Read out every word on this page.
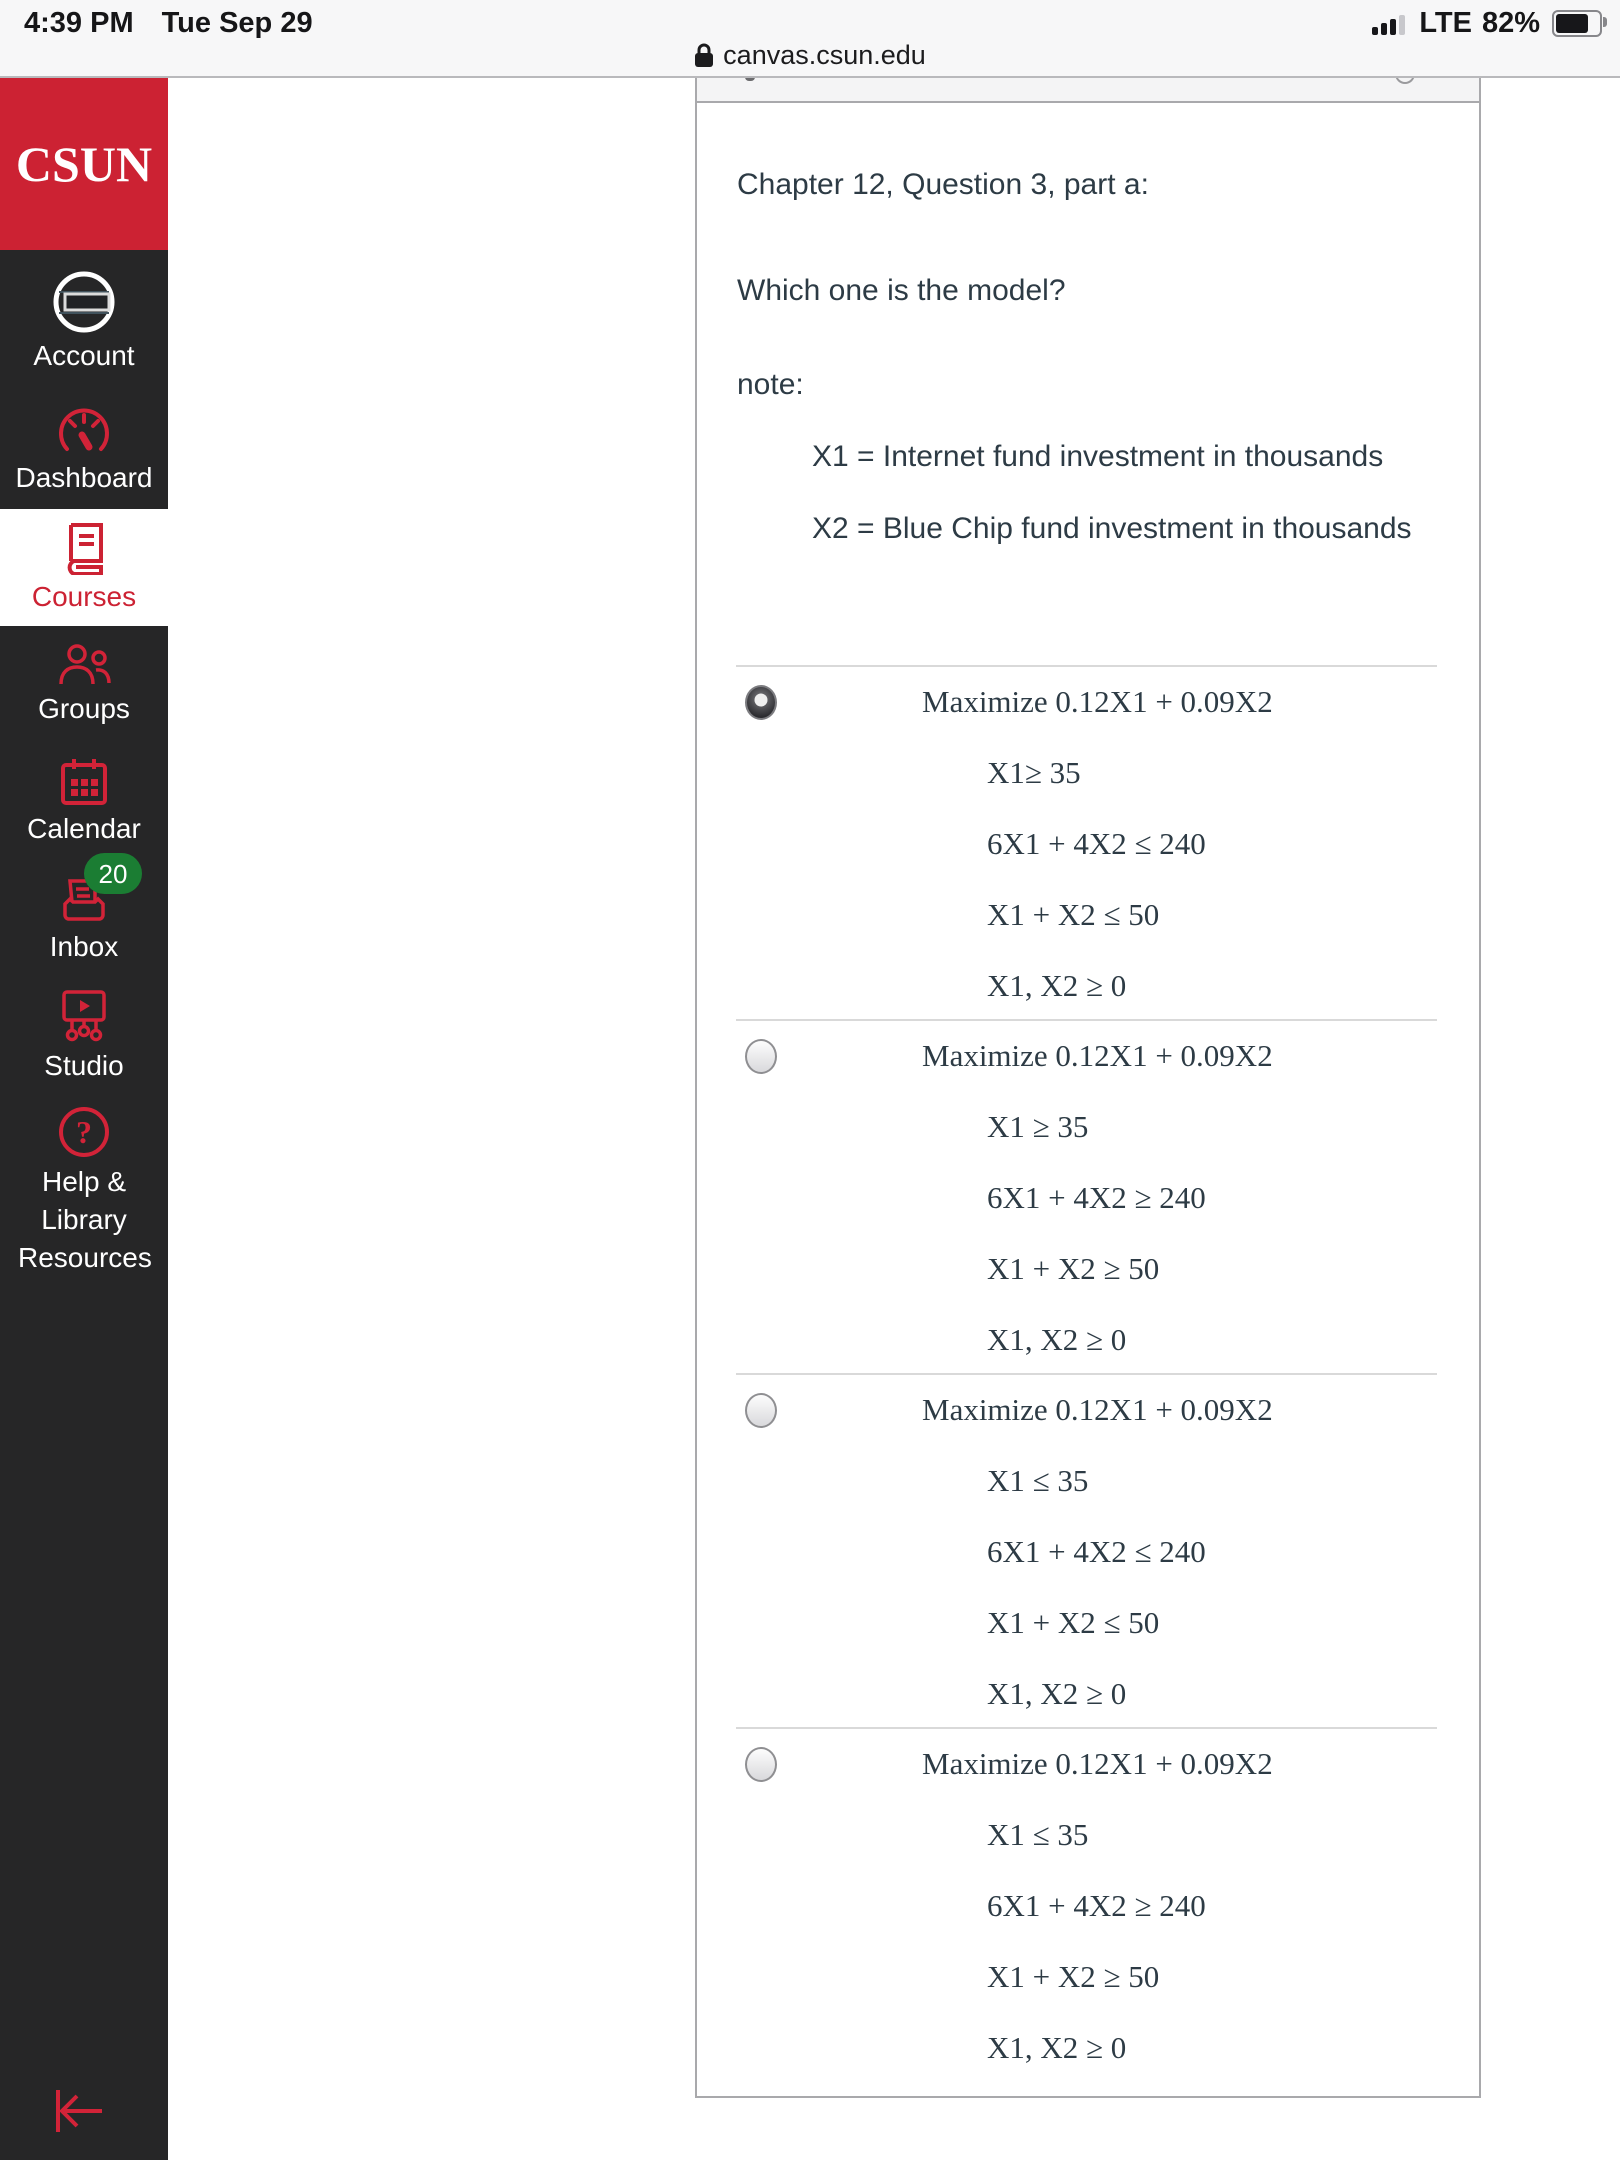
4:39 PM Tue Sep 29	LTE 82%
canvas.csun.edu
CSUN
Account
Dashboard
Courses
Groups
Calendar
20
Inbox
Studio
?
Help & Library Resources

Chapter 12, Question 3, part a:

Which one is the model?

note:

X1 = Internet fund investment in thousands

X2 = Blue Chip fund investment in thousands

Maximize 0.12X1 + 0.09X2

X1≥ 35

6X1 + 4X2 ≤ 240

X1 + X2 ≤ 50

X1, X2 ≥ 0

Maximize 0.12X1 + 0.09X2

X1 ≥ 35

6X1 + 4X2 ≥ 240

X1 + X2 ≥ 50

X1, X2 ≥ 0

Maximize 0.12X1 + 0.09X2

X1 ≤ 35

6X1 + 4X2 ≤ 240

X1 + X2 ≤ 50

X1, X2 ≥ 0

Maximize 0.12X1 + 0.09X2

X1 ≤ 35

6X1 + 4X2 ≥ 240

X1 + X2 ≥ 50

X1, X2 ≥ 0
